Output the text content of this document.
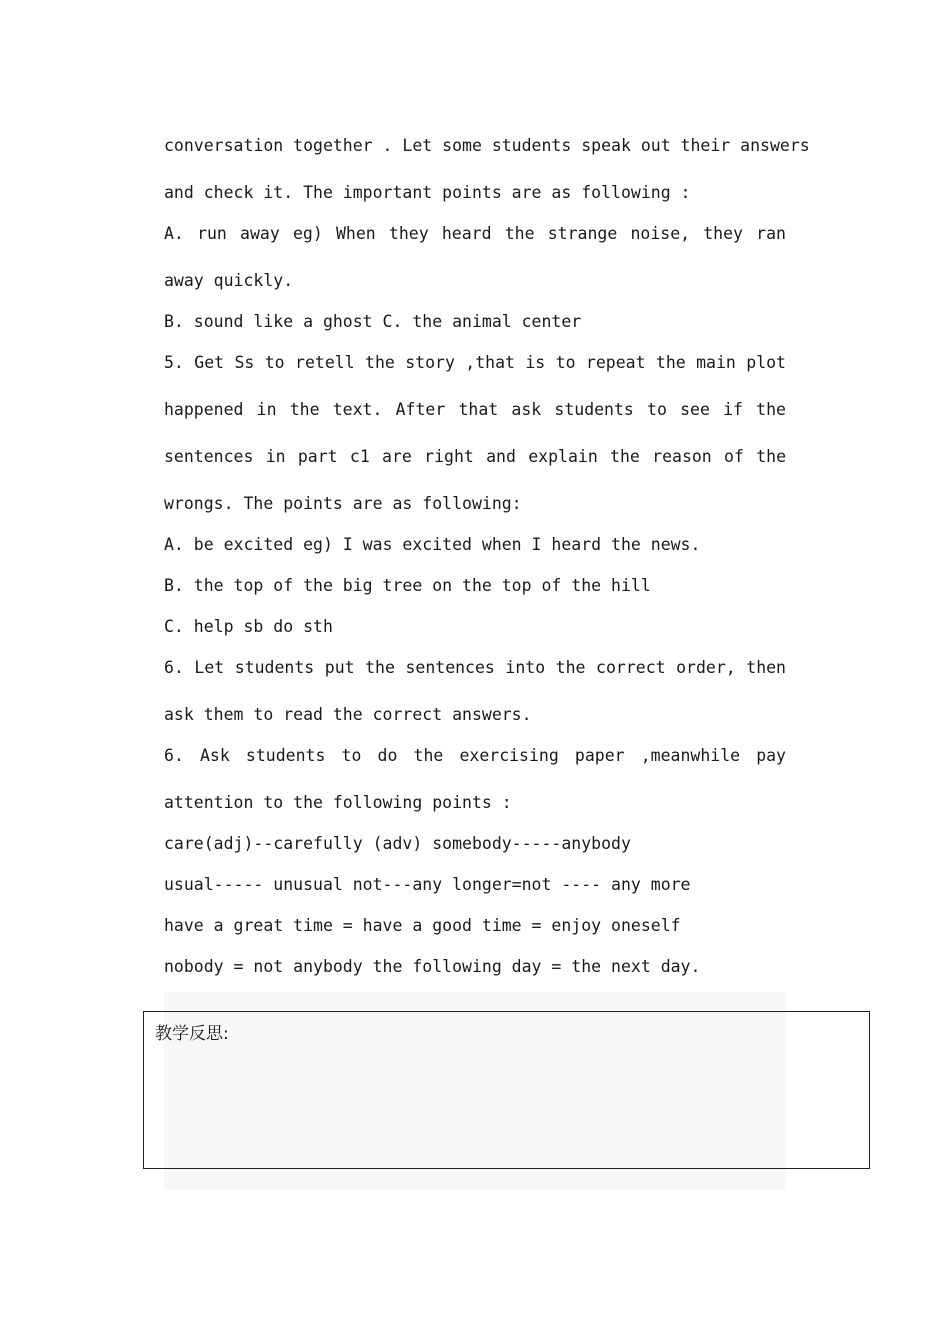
conversation together . Let some students speak out their answers
and check it. The important points are as following :
A. run away eg) When they heard the strange noise, they ran
away quickly.
B. sound like a ghost C. the animal center
5. Get Ss to retell the story ,that is to repeat the main plot
happened in the text. After that ask students to see if the
sentences in part c1 are right and explain the reason of the
wrongs. The points are as following:
A. be excited eg) I was excited when I heard the news.
B. the top of the big tree on the top of the hill
C. help sb do sth
6. Let students put the sentences into the correct order, then
ask them to read the correct answers.
6. Ask students to do the exercising paper ,meanwhile pay
attention to the following points :
care(adj)--carefully (adv) somebody-----anybody
usual----- unusual not---any longer=not ---- any more
have a great time = have a good time = enjoy oneself
nobody = not anybody the following day = the next day.
教学反思:
